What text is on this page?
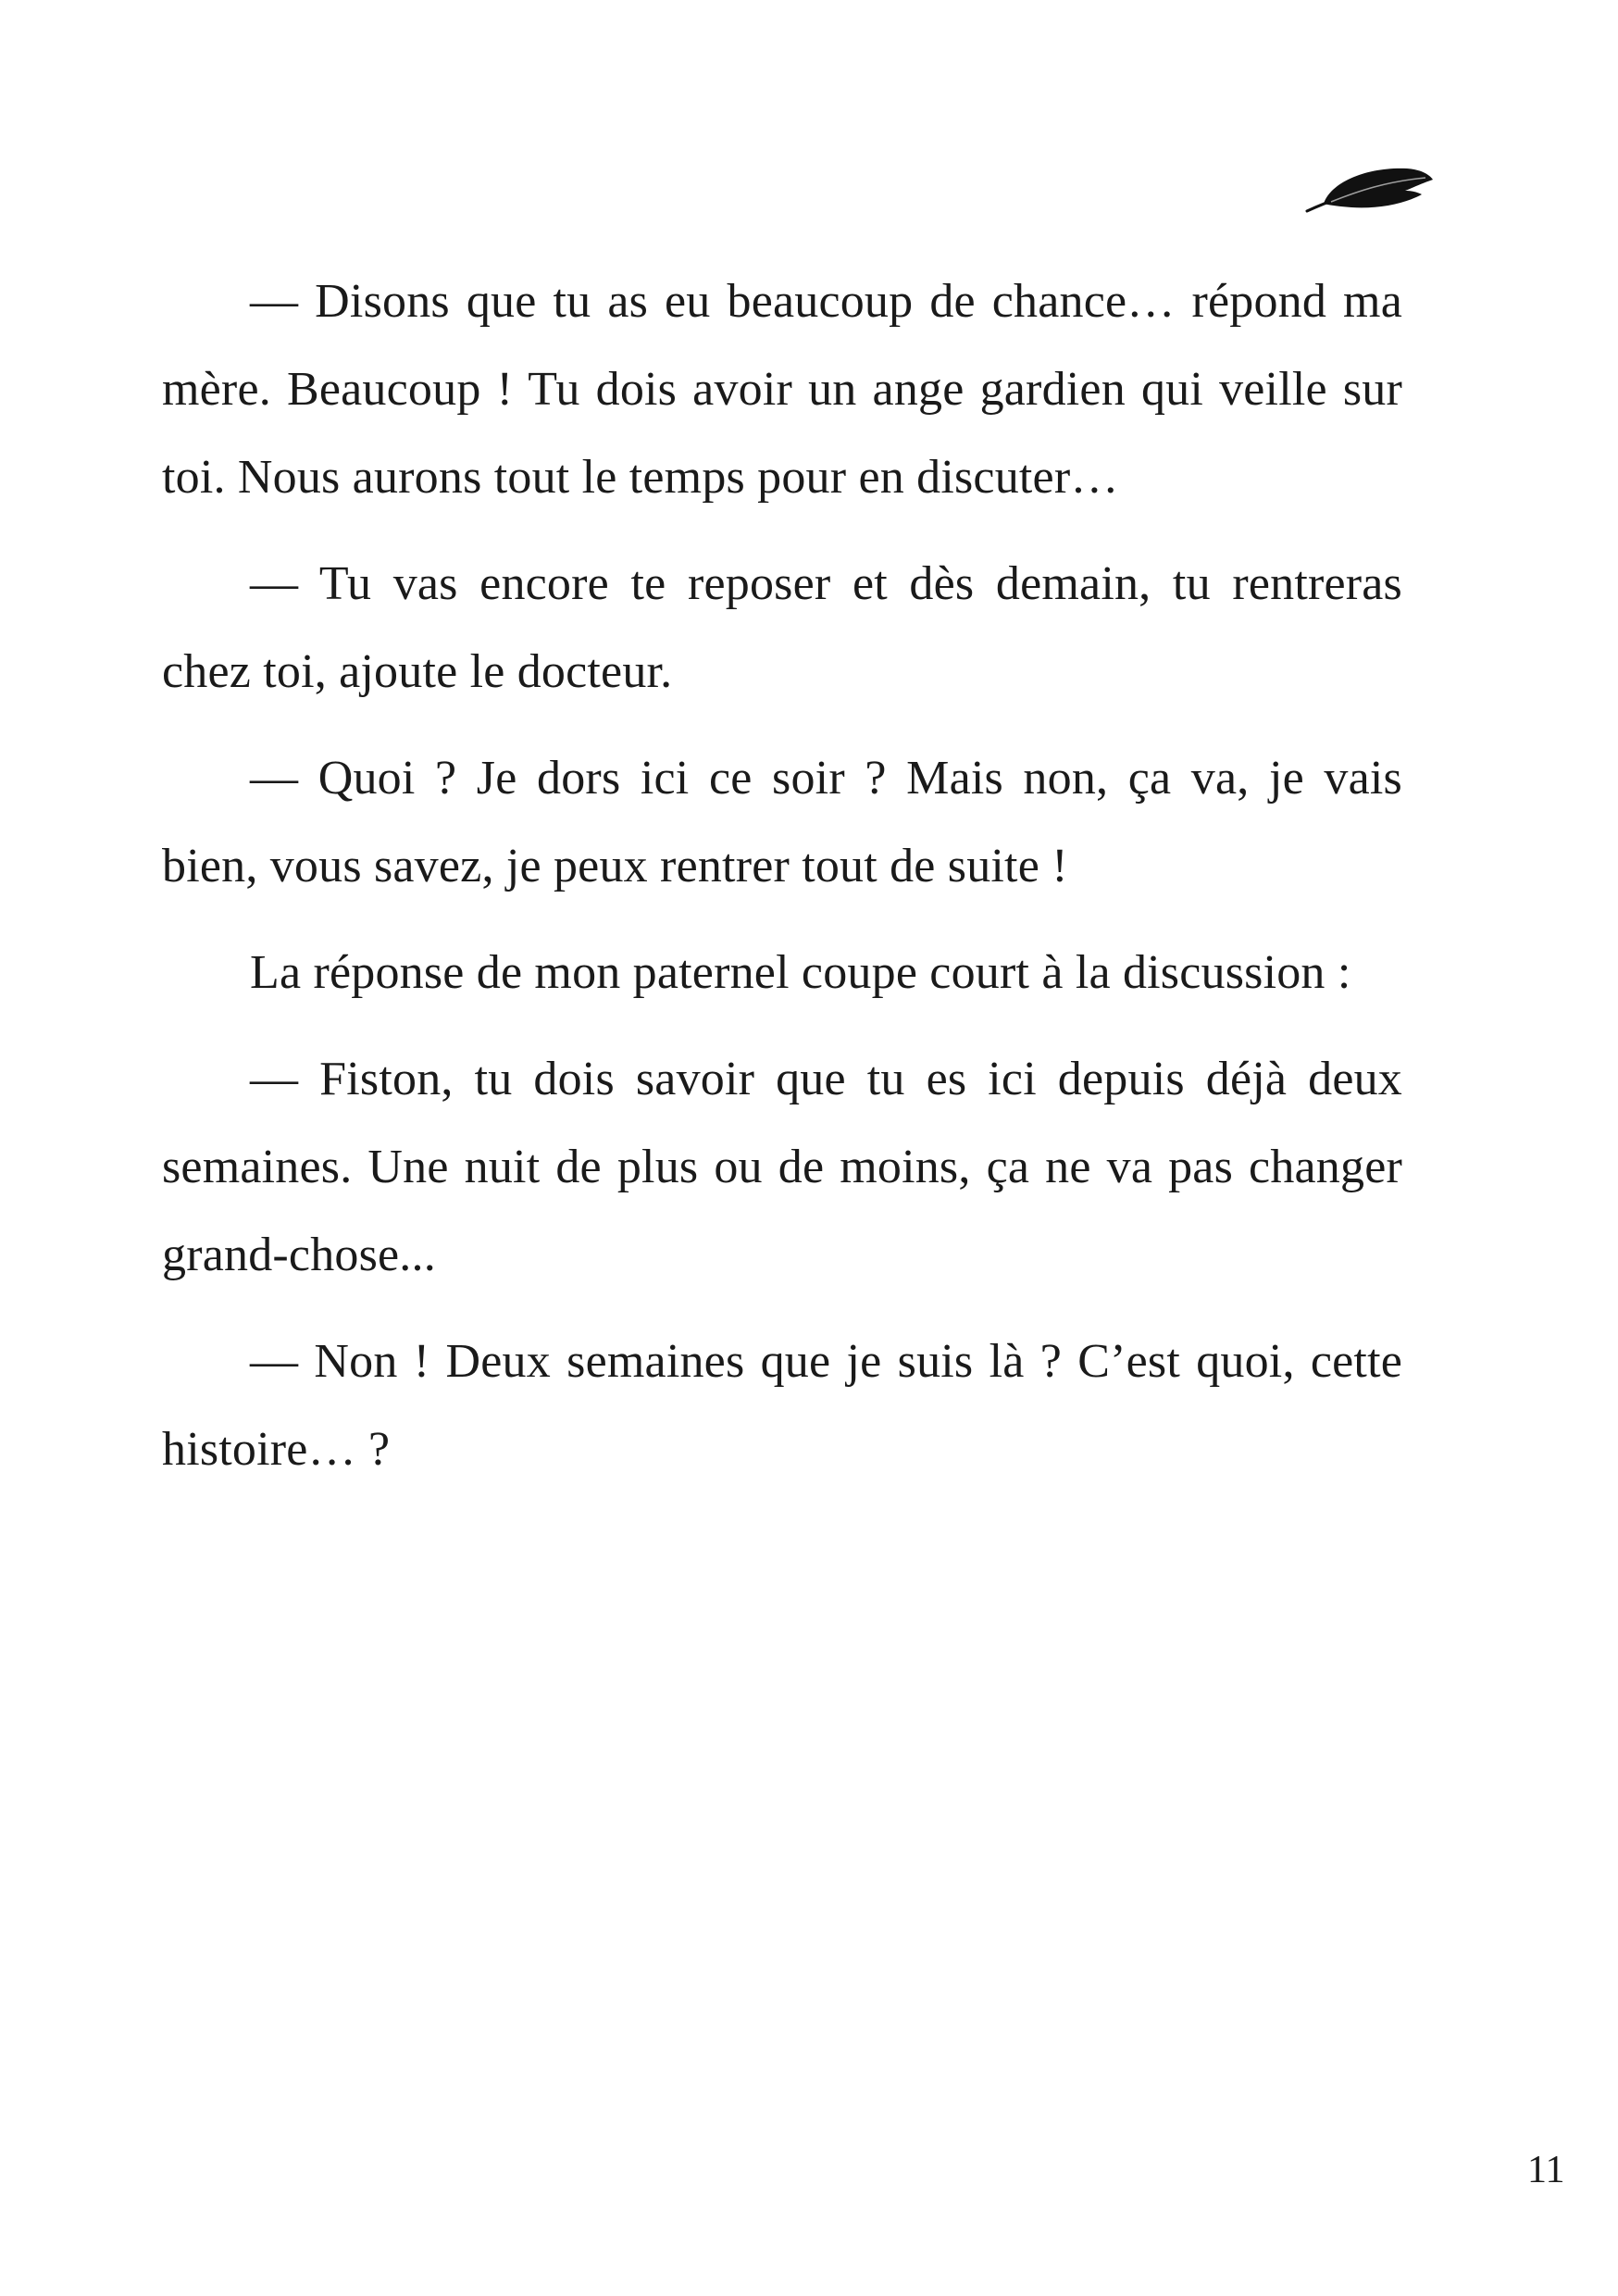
— Disons que tu as eu beaucoup de chance… répond ma mère. Beaucoup ! Tu dois avoir un ange gardien qui veille sur toi. Nous aurons tout le temps pour en discuter…

— Tu vas encore te reposer et dès demain, tu rentreras chez toi, ajoute le docteur.

— Quoi ? Je dors ici ce soir ? Mais non, ça va, je vais bien, vous savez, je peux rentrer tout de suite !

La réponse de mon paternel coupe court à la discussion :

— Fiston, tu dois savoir que tu es ici depuis déjà deux semaines. Une nuit de plus ou de moins, ça ne va pas changer grand-chose...

— Non ! Deux semaines que je suis là ? C’est quoi, cette histoire… ?

11
